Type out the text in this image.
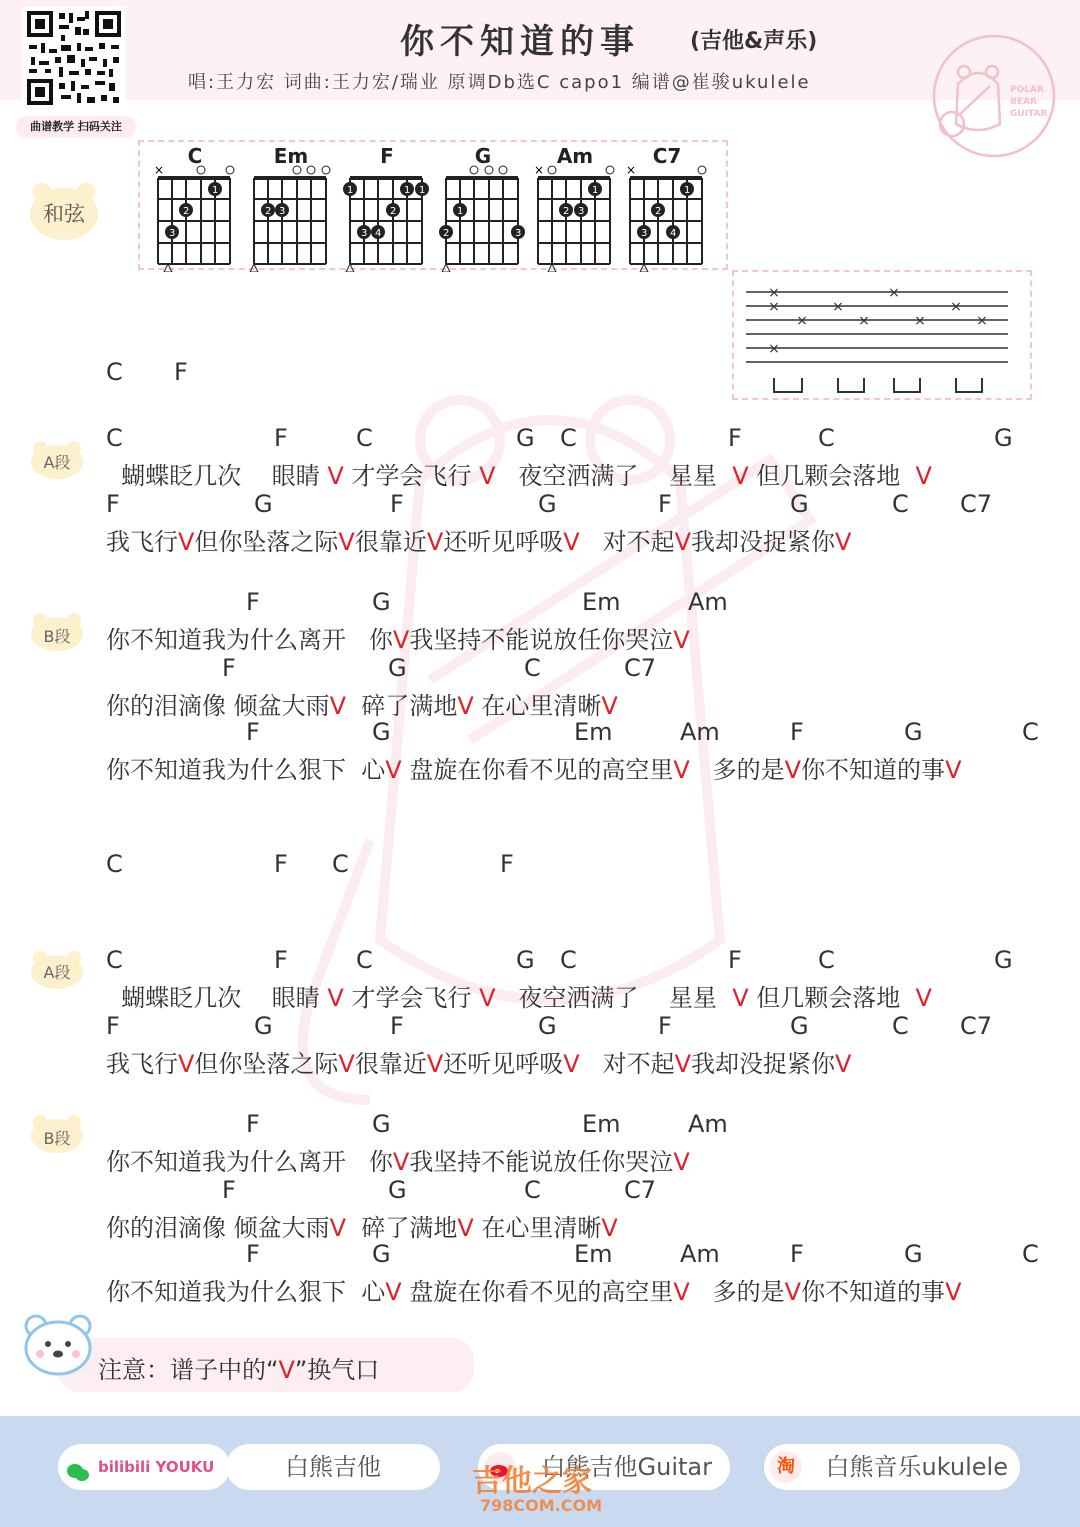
曲谱教学 扫码关注
你不知道的事 (吉他&声乐)
唱:王力宏 词曲:王力宏/瑞业 原调Db选C capo1 编谱@崔骏ukulele	POLAR
BEAR
GUITAR
和弦
C
×
1
2
3
Em
2 3
F
1	1 1
2
3 4
G
1
2	3
Am
×
1
2 3
C7
×
1
2
3 4
×
×
×
×
×
×
×
×
×
×

C

F

A段

C

	F

	C

	G

C

	F

	C

	G

蝴蝶眨几次    眼睛 V 才学会飞行 V   夜空洒满了    星星  V 但几颗会落地  V

F

	G

	F

	G

	F

	G

	C

C7

我飞行V但你坠落之际V很靠近V还听见呼吸V   对不起V我却没捉紧你V
B段

F

	G

	Em

	Am

你不知道我为什么离开   你V我坚持不能说放任你哭泣V

F

	G

	C

	C7

你的泪滴像 倾盆大雨V  碎了满地V 在心里清晰V

F

	G

	Em

	Am

	F

	G

	C

你不知道我为什么狠下  心V 盘旋在你看不见的高空里V   多的是V你不知道的事V

C

	F

C

	F

A段

	C

	F

	C

	G

C

	F

	C

	G

蝴蝶眨几次    眼睛 V 才学会飞行 V   夜空洒满了    星星  V 但几颗会落地  V

F

	G

	F

	G

	F

	G

	C

C7

我飞行V但你坠落之际V很靠近V还听见呼吸V   对不起V我却没捉紧你V
B段

F

	G

	Em

	Am

你不知道我为什么离开   你V我坚持不能说放任你哭泣V

F

	G

	C

	C7

你的泪滴像 倾盆大雨V  碎了满地V 在心里清晰V

F

	G

	Em

	Am

	F

	G

	C

你不知道我为什么狠下  心V 盘旋在你看不见的高空里V   多的是V你不知道的事V
注意：谱子中的“V”换气口
bilibili YOUKU	白熊吉他	白熊吉他Guitar	淘 白熊音乐ukulele
吉他之家
798COM.COM
